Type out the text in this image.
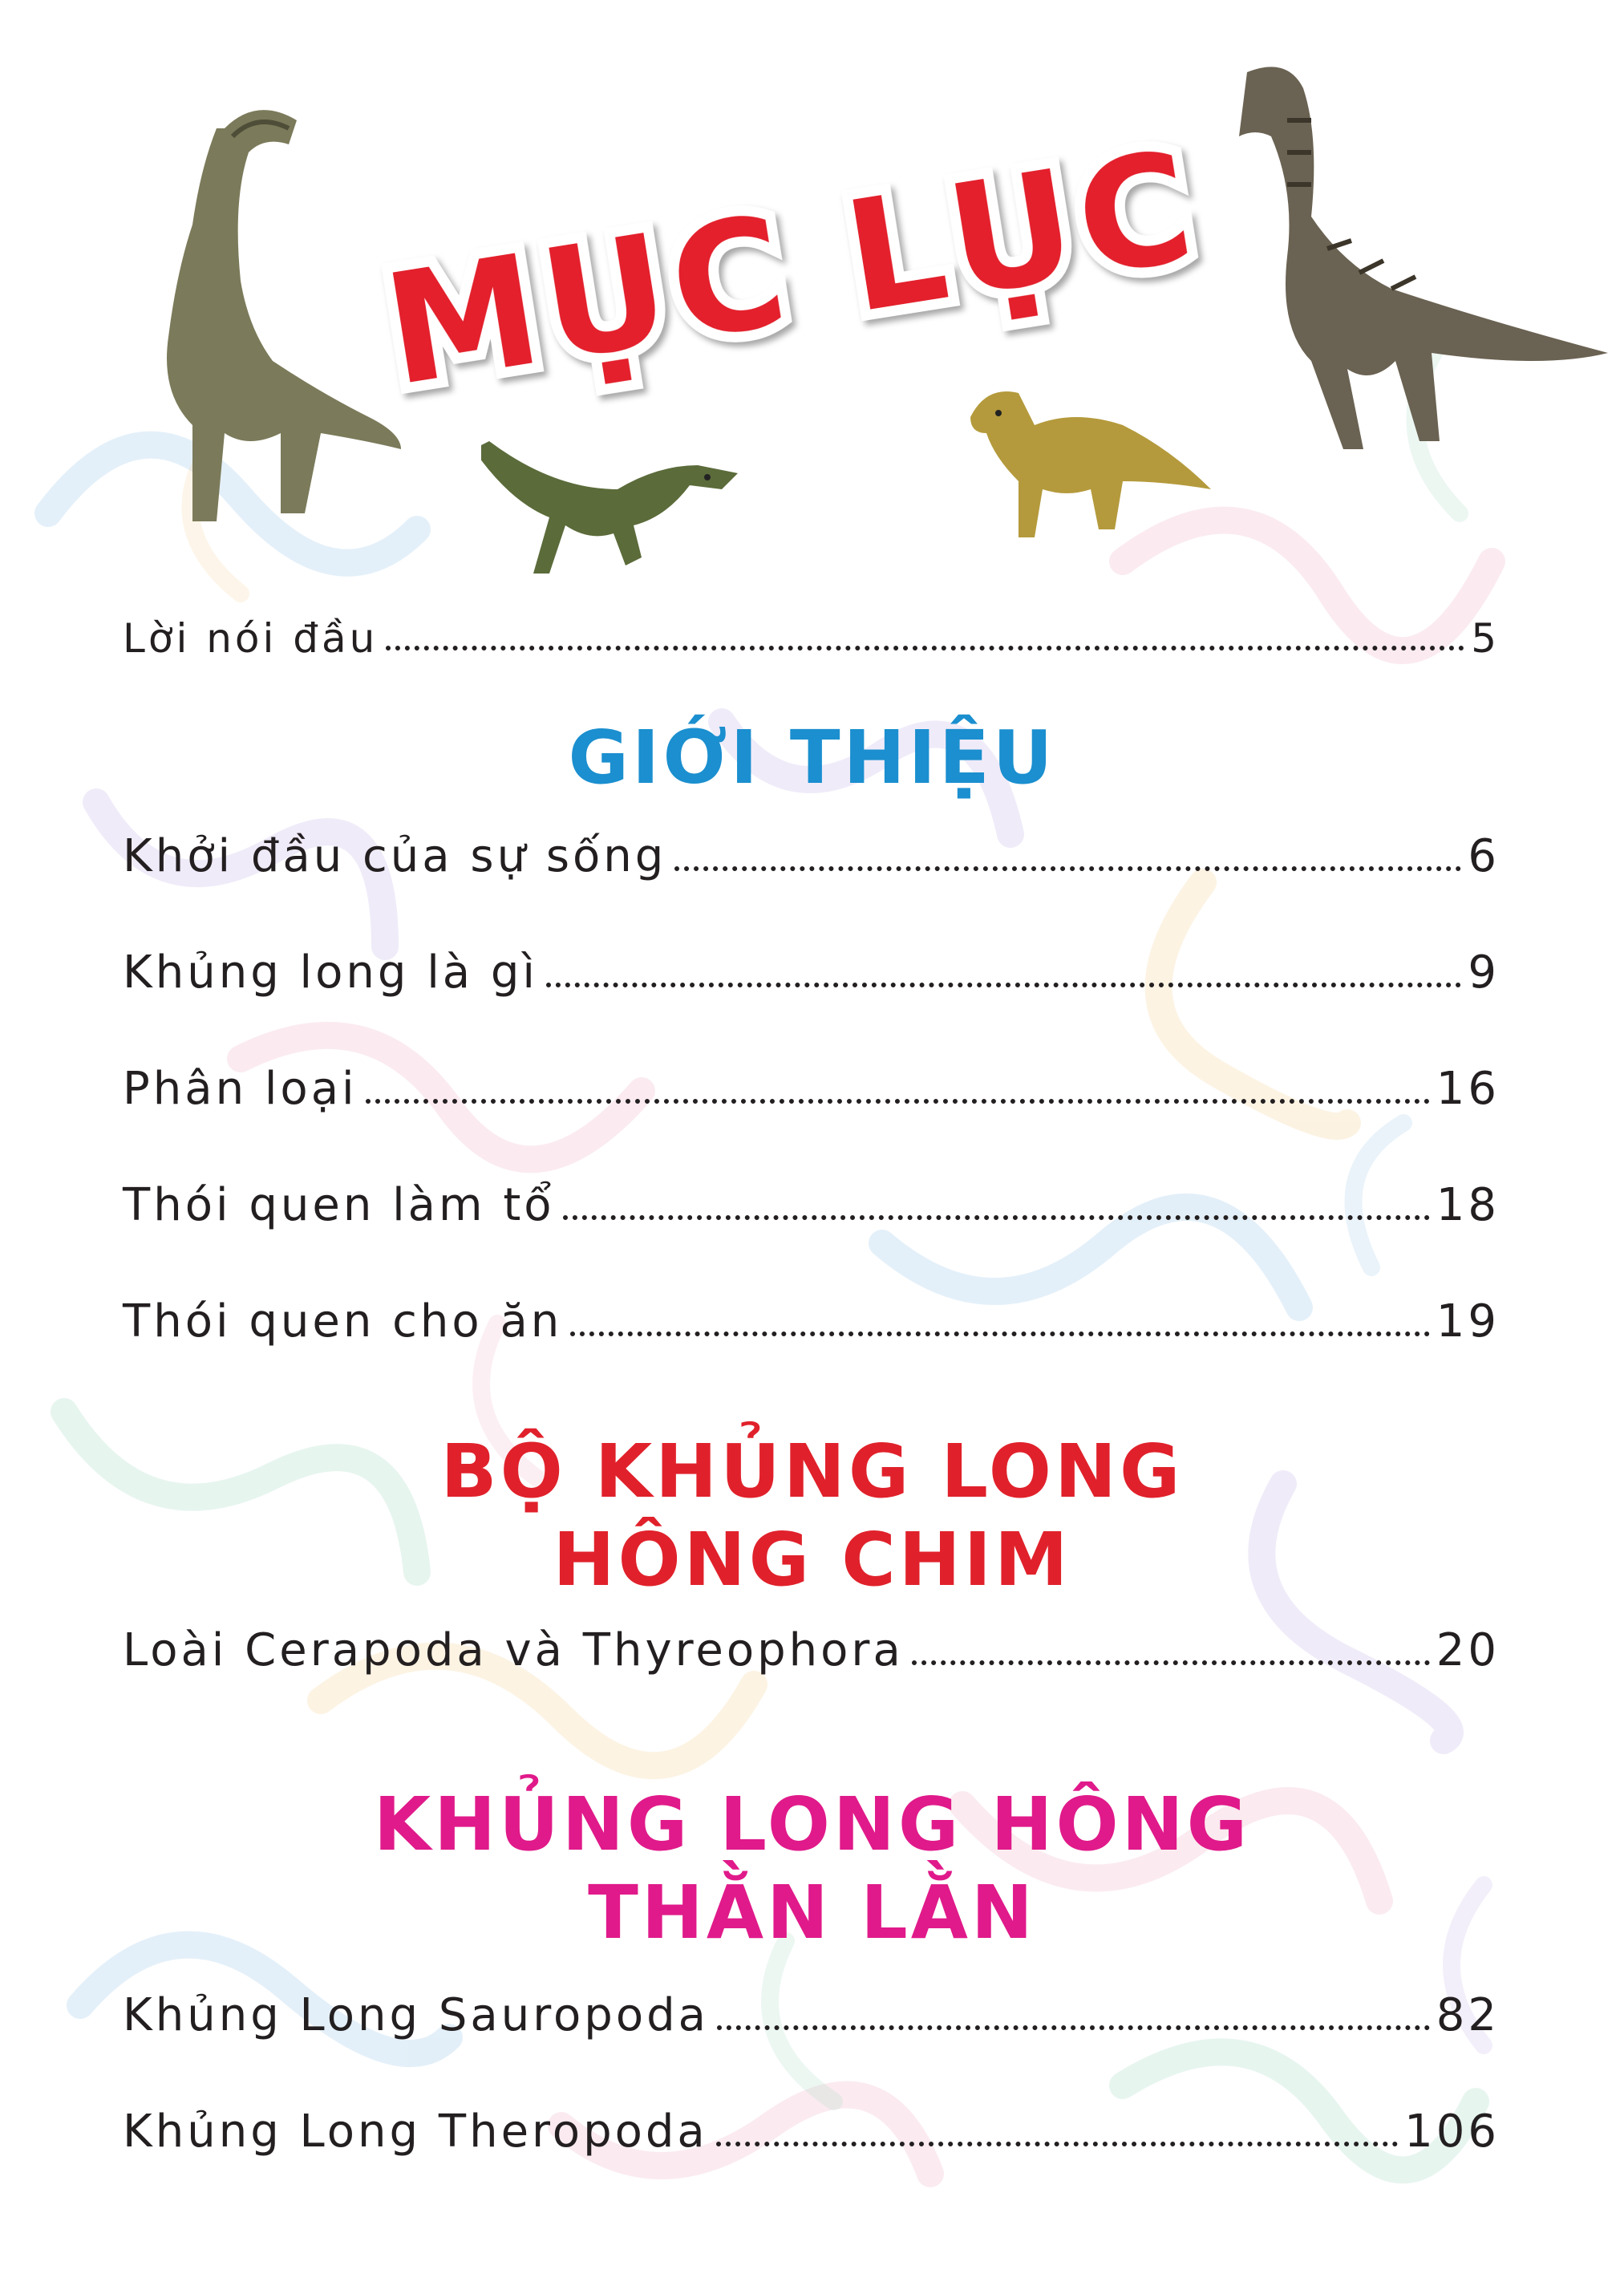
MỤC LỤC
Lời nói đầu	5
GIỚI THIỆU
Khởi đầu của sự sống	6
Khủng long là gì	9
Phân loại	16
Thói quen làm tổ	18
Thói quen cho ăn	19
BỘ KHỦNG LONG
HÔNG CHIM
Loài Cerapoda và Thyreophora	20
KHỦNG LONG HÔNG
THẰN LẰN
Khủng Long Sauropoda	82
Khủng Long Theropoda	106
